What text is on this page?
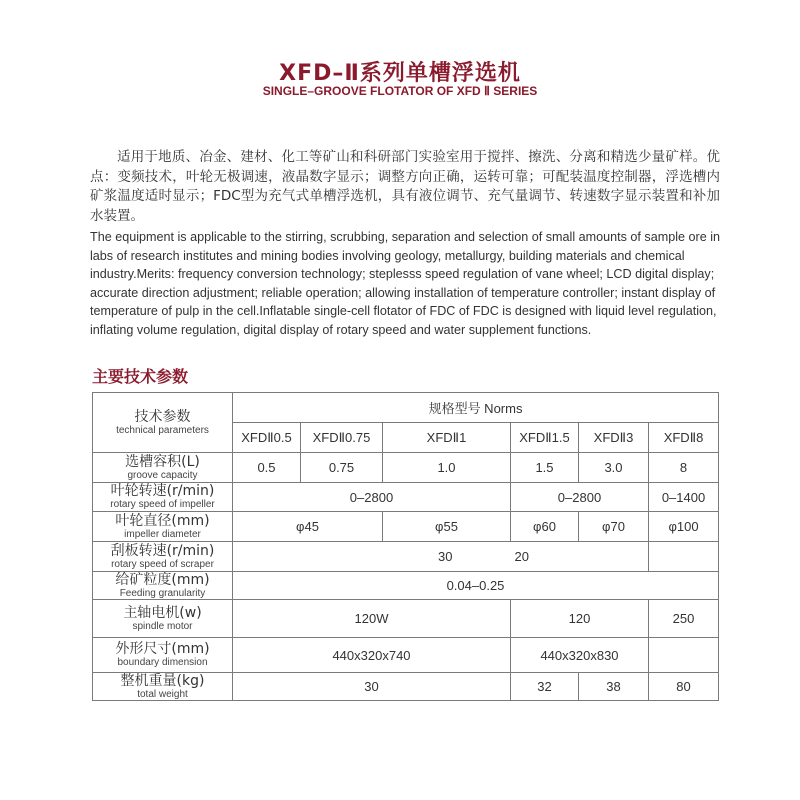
XFD–Ⅱ系列单槽浮选机
SINGLE–GROOVE FLOTATOR OF XFD Ⅱ SERIES
适用于地质、冶金、建材、化工等矿山和科研部门实验室用于搅拌、擦洗、分离和精选少量矿样。优点：变频技术，叶轮无极调速，液晶数字显示；调整方向正确，运转可靠；可配装温度控制器，浮选槽内矿浆温度适时显示；FDC型为充气式单槽浮选机，具有液位调节、充气量调节、转速数字显示装置和补加水装置。
The equipment is applicable to the stirring, scrubbing, separation and selection of small amounts of sample ore in labs of research institutes and mining bodies involving geology, metallurgy, building materials and chemical industry.Merits: frequency conversion technology; steplesss speed regulation of vane wheel; LCD digital display; accurate direction adjustment; reliable operation; allowing installation of temperature controller; instant display of temperature of pulp in the cell.Inflatable single-cell flotator of FDC of FDC is designed with liquid level regulation, inflating volume regulation, digital display of rotary speed and water supplement functions.
主要技术参数
技术参数
technical parameters	规格型号 Norms					
	XFDⅡ0.5	XFDⅡ0.75	XFDⅡ1	XFDⅡ1.5	XFDⅡ3	XFDⅡ8

选槽容积(L)
groove capacity	0.5	0.75	1.0	1.5	3.0	8

叶轮转速(r/min)
rotary speed of impeller	0–2800			0–2800		0–1400

叶轮直径(mm)
impeller diameter	φ45		φ55	φ60	φ70	φ100

刮板转速(r/min)
rotary speed of scraper	30 20					

给矿粒度(mm)
Feeding granularity	0.04–0.25					

主轴电机(w)
spindle motor	120W			120		250

外形尺寸(mm)
boundary dimension	440x320x740			440x320x830		

整机重量(kg)
total weight	30			32	38	80
